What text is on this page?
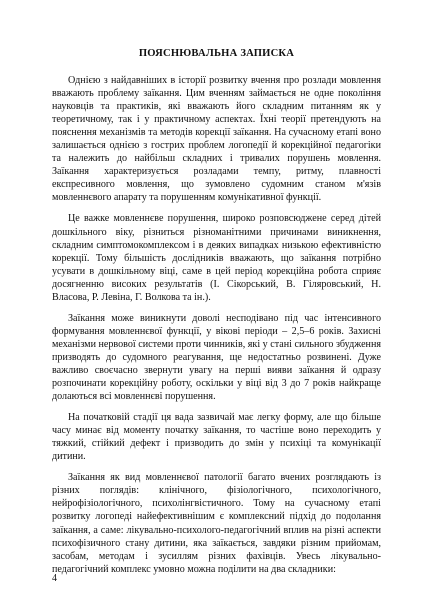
ПОЯСНЮВАЛЬНА ЗАПИСКА

Однією з найдавніших в історії розвитку вчення про розлади мовлення вважають проблему заїкання. Цим вченням займається не одне покоління науковців та практиків, які вважають його складним питанням як у теоретичному, так і у практичному аспектах. Їхні теорії претендують на пояснення механізмів та методів корекції заїкання. На сучасному етапі воно залишається однією з гострих проблем логопедії й корекційної педагогіки та належить до найбільш складних і тривалих порушень мовлення. Заїкання характеризується розладами темпу, ритму, плавності експресивного мовлення, що зумовлено судомним станом м'язів мовленнєвого апарату та порушенням комунікативної функції.

Це важке мовленнєве порушення, широко розповсюджене серед дітей дошкільного віку, різниться різноманітними причинами виникнення, складним симптомокомплексом і в деяких випадках низькою ефективністю корекції. Тому більшість дослідників вважають, що заїкання потрібно усувати в дошкільному віці, саме в цей період корекційна робота сприяє досягненню високих результатів (І. Сікорський, В. Гіляровський, Н. Власова, Р. Левіна, Г. Волкова та ін.).

Заїкання може виникнути доволі несподівано під час інтенсивного формування мовленнєвої функції, у вікові періоди – 2,5–6 років. Захисні механізми нервової системи проти чинників, які у стані сильного збудження призводять до судомного реагування, ще недостатньо розвинені. Дуже важливо своєчасно звернути увагу на перші вияви заїкання й одразу розпочинати корекційну роботу, оскільки у віці від 3 до 7 років найкраще долаються всі мовленнєві порушення.

На початковій стадії ця вада зазвичай має легку форму, але що більше часу минає від моменту початку заїкання, то частіше воно переходить у тяжкий, стійкий дефект і призводить до змін у психіці та комунікації дитини.

Заїкання як вид мовленнєвої патології багато вчених розглядають із різних поглядів: клінічного, фізіологічного, психологічного, нейрофізіологічного, психолінгвістичного. Тому на сучасному етапі розвитку логопеді найефективнішим є комплексний підхід до подолання заїкання, а саме: лікувально-психолого-педагогічний вплив на різні аспекти психофізичного стану дитини, яка заїкається, завдяки різним прийомам, засобам, методам і зусиллям різних фахівців. Увесь лікувально-педагогічний комплекс умовно можна поділити на два складники:

4
